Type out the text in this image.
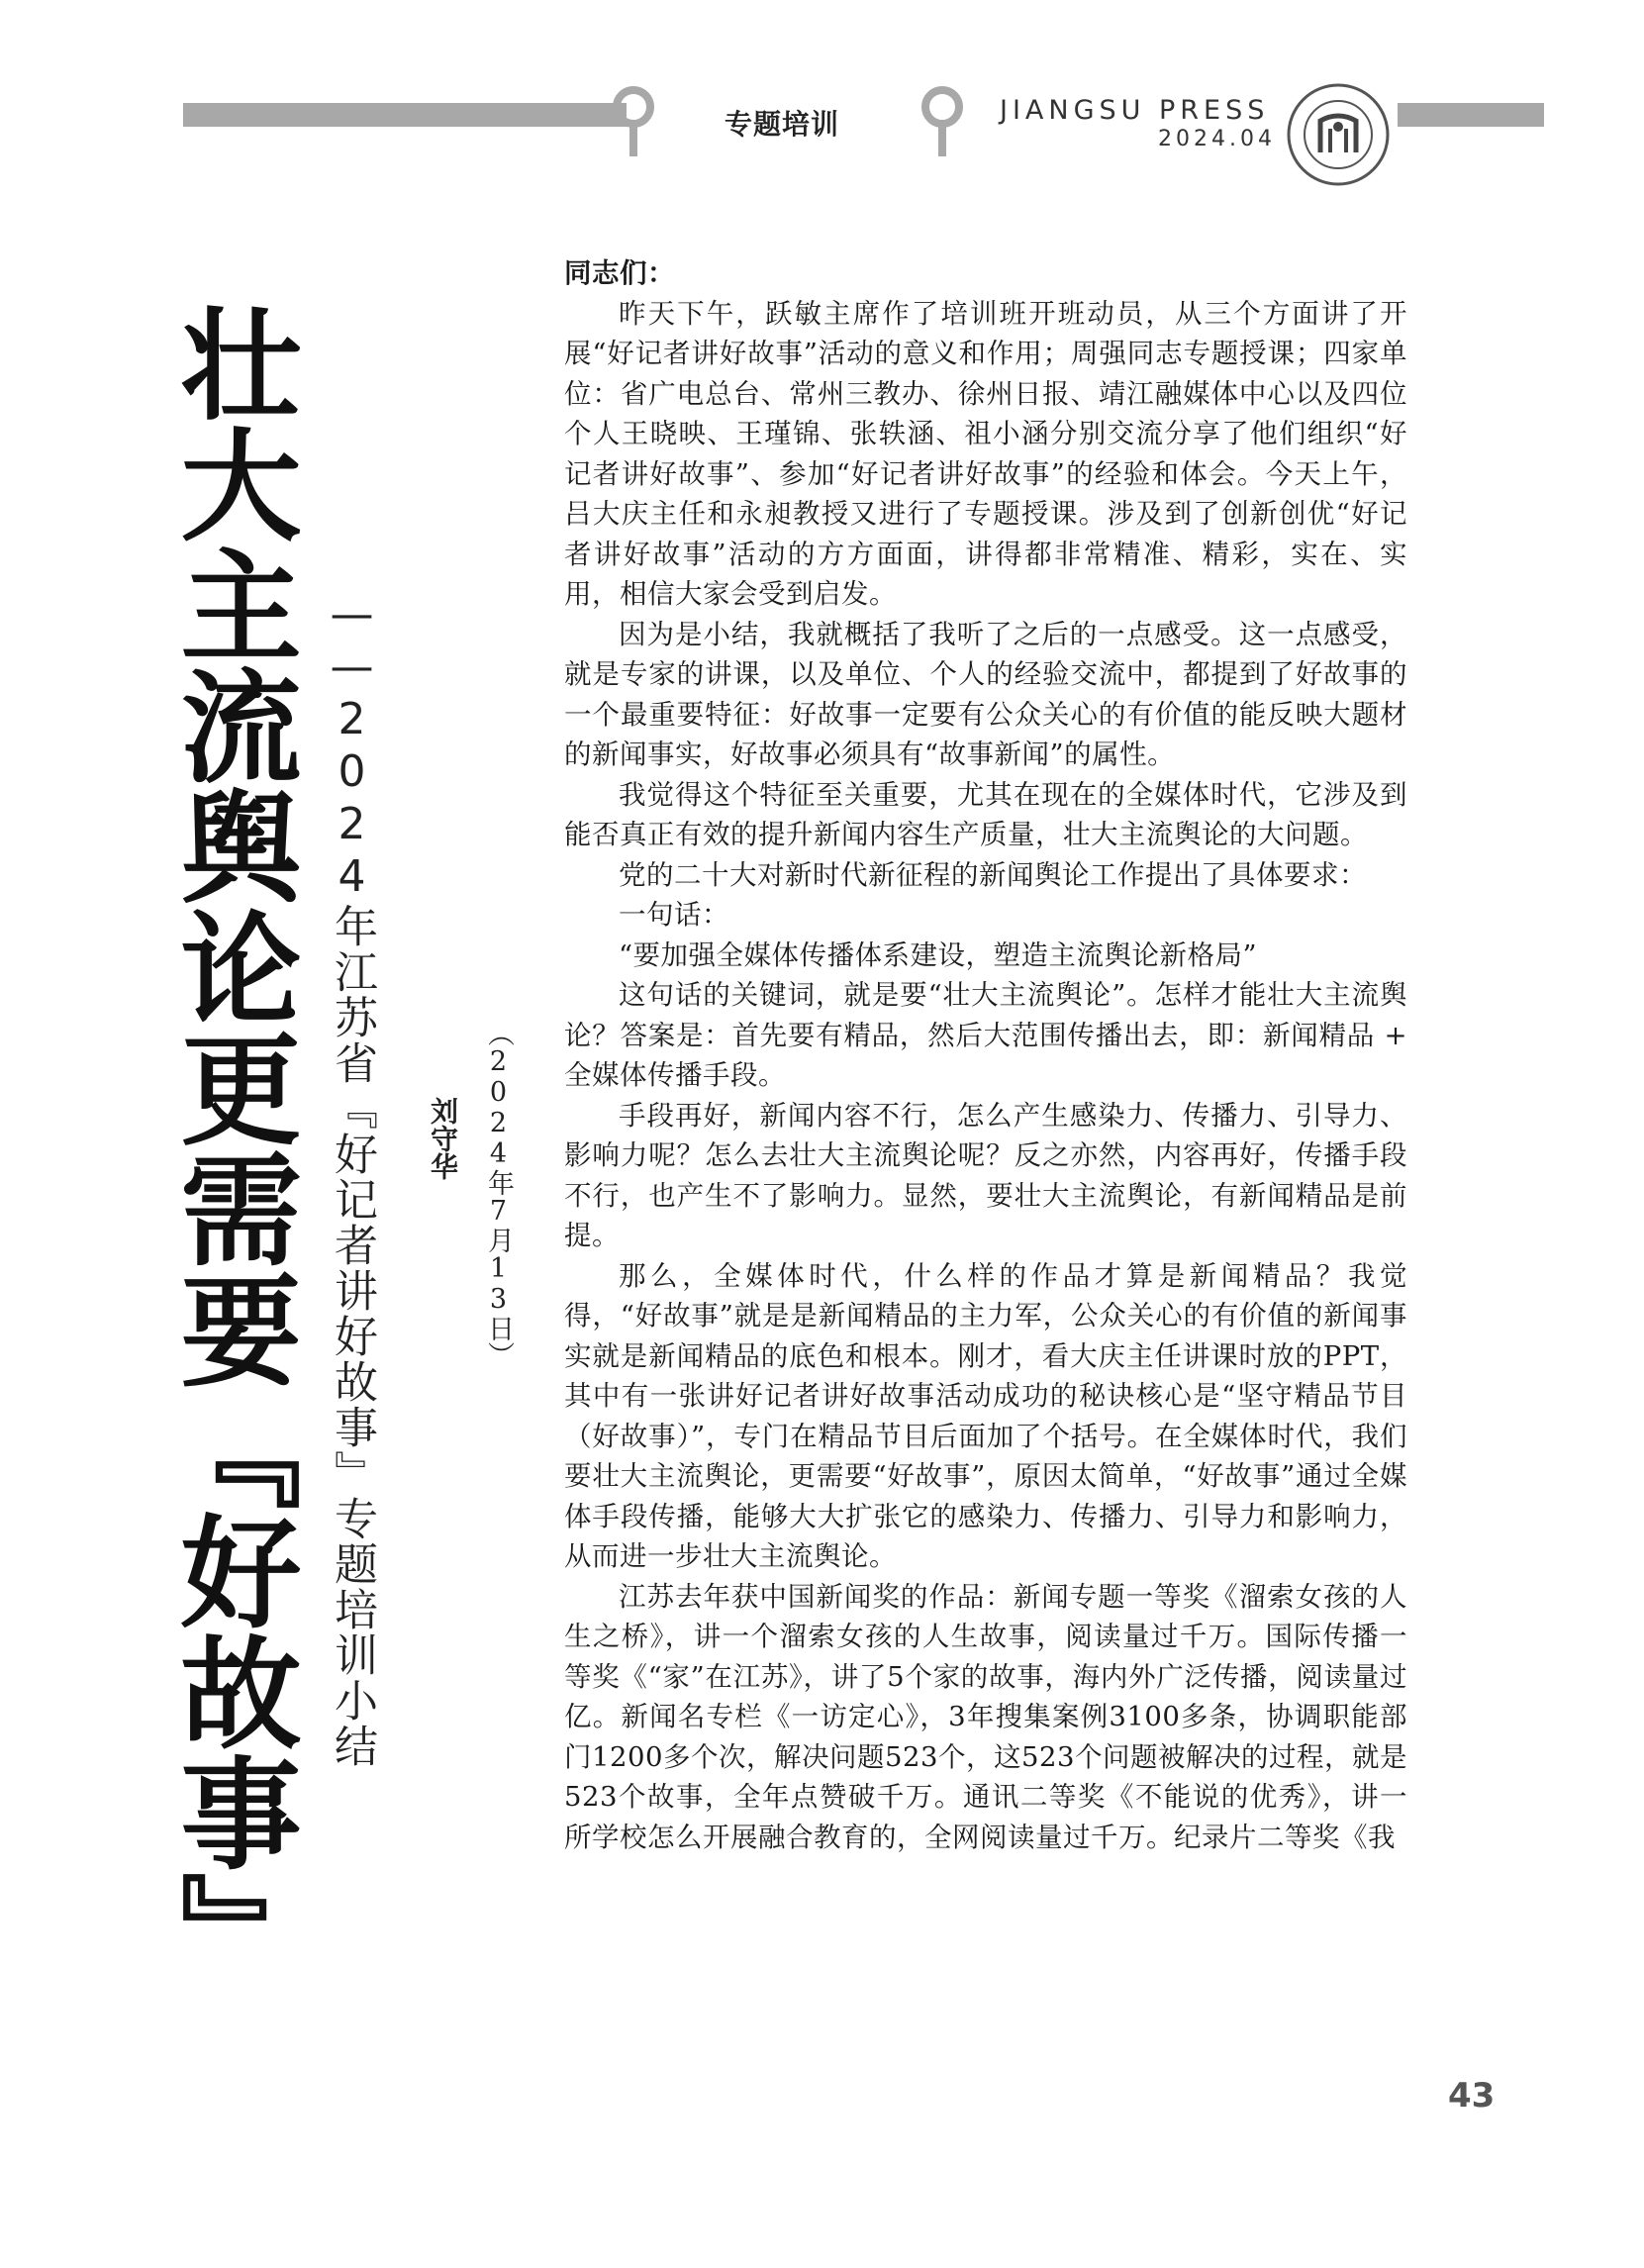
专题培训	JIANGSU PRESS
2024.04
壮大主流舆论更需要『好故事』 ——2024年江苏省『好记者讲好故事』专题培训小结 刘守华 （2024年7月13日）

同志们：

昨天下午，跃敏主席作了培训班开班动员，从三个方面讲了开展“好记者讲好故事”活动的意义和作用；周强同志专题授课；四家单位：省广电总台、常州三教办、徐州日报、靖江融媒体中心以及四位个人王晓映、王瑾锦、张轶涵、祖小涵分别交流分享了他们组织“好记者讲好故事”、参加“好记者讲好故事”的经验和体会。今天上午，吕大庆主任和永昶教授又进行了专题授课。涉及到了创新创优“好记者讲好故事”活动的方方面面，讲得都非常精准、精彩，实在、实用，相信大家会受到启发。

因为是小结，我就概括了我听了之后的一点感受。这一点感受，就是专家的讲课，以及单位、个人的经验交流中，都提到了好故事的一个最重要特征：好故事一定要有公众关心的有价值的能反映大题材的新闻事实，好故事必须具有“故事新闻”的属性。

我觉得这个特征至关重要，尤其在现在的全媒体时代，它涉及到能否真正有效的提升新闻内容生产质量，壮大主流舆论的大问题。

党的二十大对新时代新征程的新闻舆论工作提出了具体要求：

一句话：

“要加强全媒体传播体系建设，塑造主流舆论新格局”

这句话的关键词，就是要“壮大主流舆论”。怎样才能壮大主流舆论？答案是：首先要有精品，然后大范围传播出去，即：新闻精品 + 全媒体传播手段。

手段再好，新闻内容不行，怎么产生感染力、传播力、引导力、影响力呢？怎么去壮大主流舆论呢？反之亦然，内容再好，传播手段不行，也产生不了影响力。显然，要壮大主流舆论，有新闻精品是前提。

那么，全媒体时代，什么样的作品才算是新闻精品？我觉得，“好故事”就是是新闻精品的主力军，公众关心的有价值的新闻事实就是新闻精品的底色和根本。刚才，看大庆主任讲课时放的PPT，其中有一张讲好记者讲好故事活动成功的秘诀核心是“坚守精品节目（好故事）”，专门在精品节目后面加了个括号。在全媒体时代，我们要壮大主流舆论，更需要“好故事”，原因太简单，“好故事”通过全媒体手段传播，能够大大扩张它的感染力、传播力、引导力和影响力，从而进一步壮大主流舆论。

江苏去年获中国新闻奖的作品：新闻专题一等奖《溜索女孩的人生之桥》，讲一个溜索女孩的人生故事，阅读量过千万。国际传播一等奖《“家”在江苏》，讲了5个家的故事，海内外广泛传播，阅读量过亿。新闻名专栏《一访定心》，3年搜集案例3100多条，协调职能部门1200多个次，解决问题523个，这523个问题被解决的过程，就是523个故事，全年点赞破千万。通讯二等奖《不能说的优秀》，讲一所学校怎么开展融合教育的，全网阅读量过千万。纪录片二等奖《我

43
